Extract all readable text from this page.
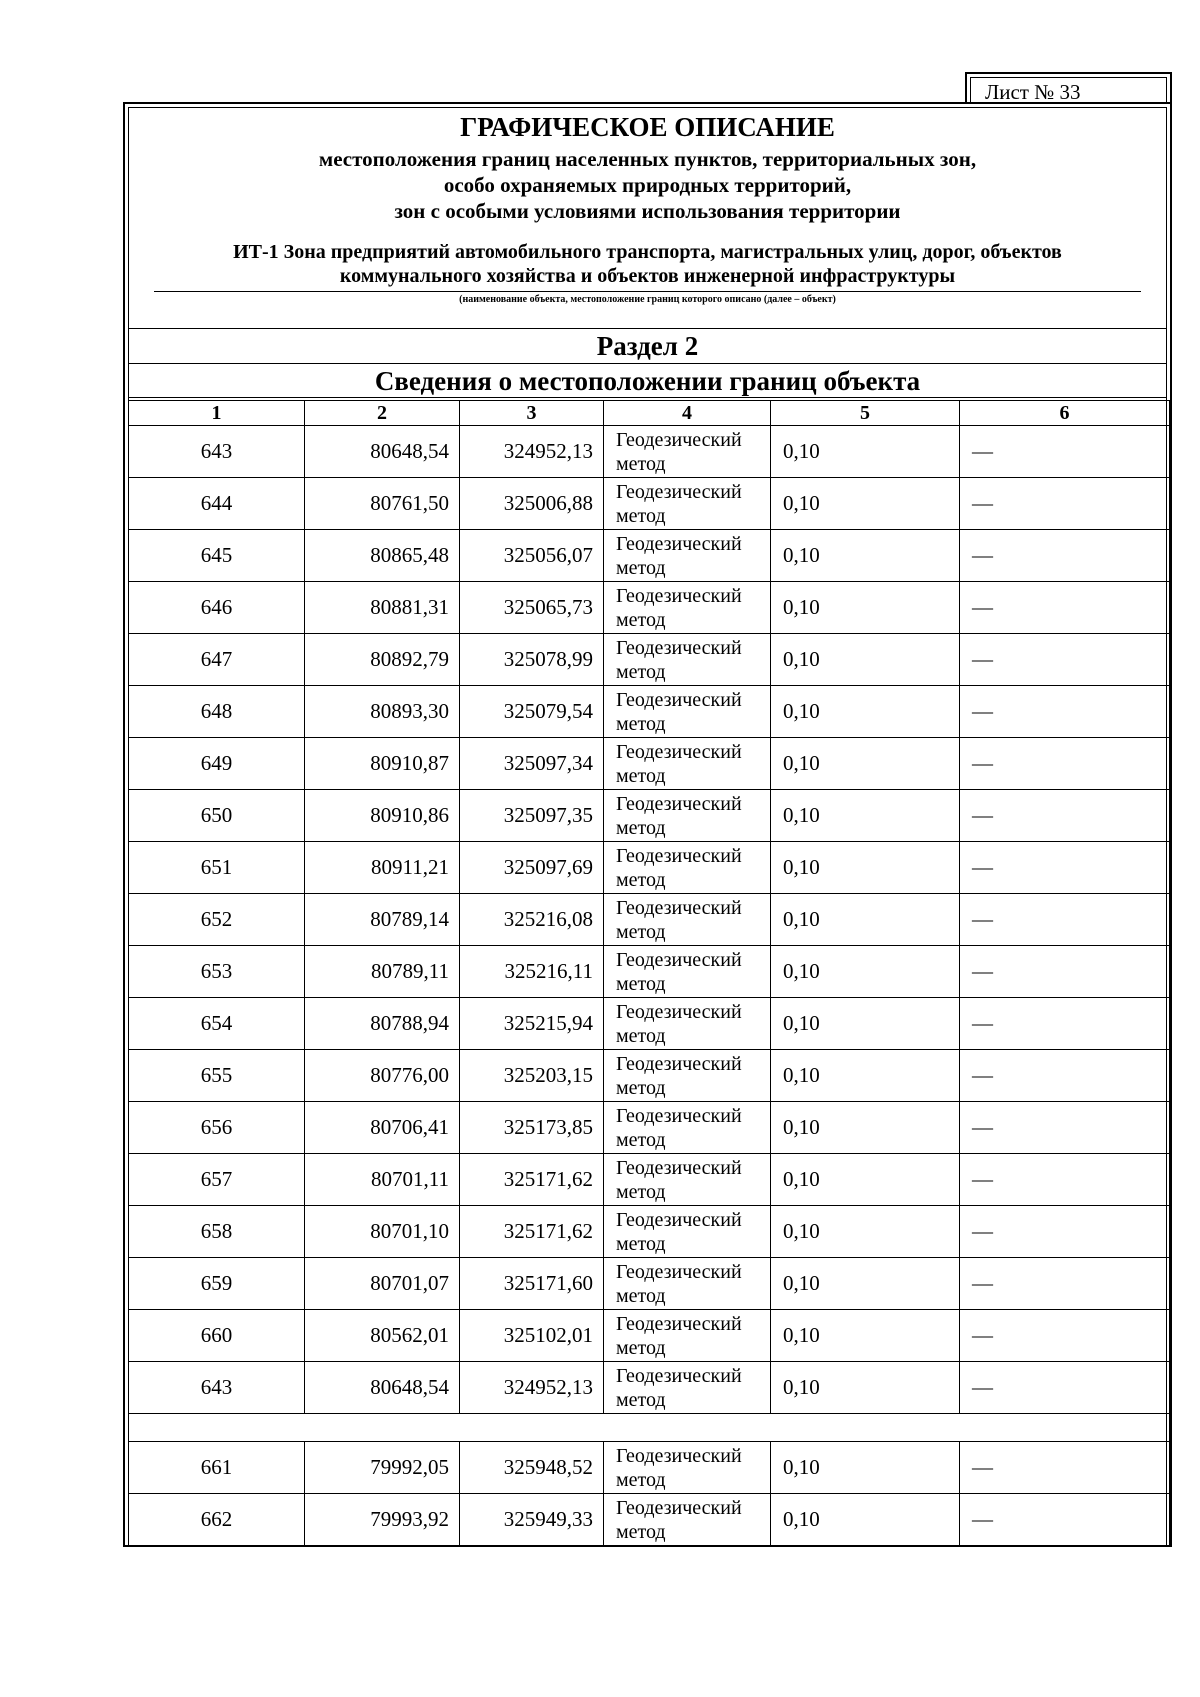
Лист № 33
ГРАФИЧЕСКОЕ ОПИСАНИЕ
местоположения границ населенных пунктов, территориальных зон,
особо охраняемых природных территорий,
зон с особыми условиями использования территории
ИТ-1 Зона предприятий автомобильного транспорта, магистральных улиц, дорог, объектов
коммунального хозяйства и объектов инженерной инфраструктуры
(наименование объекта, местоположение границ которого описано (далее – объект)
Раздел 2
Сведения о местоположении границ объекта
1	2	3	4	5	6
643	80648,54	324952,13	Геодезический метод	0,10	—
644	80761,50	325006,88	Геодезический метод	0,10	—
645	80865,48	325056,07	Геодезический метод	0,10	—
646	80881,31	325065,73	Геодезический метод	0,10	—
647	80892,79	325078,99	Геодезический метод	0,10	—
648	80893,30	325079,54	Геодезический метод	0,10	—
649	80910,87	325097,34	Геодезический метод	0,10	—
650	80910,86	325097,35	Геодезический метод	0,10	—
651	80911,21	325097,69	Геодезический метод	0,10	—
652	80789,14	325216,08	Геодезический метод	0,10	—
653	80789,11	325216,11	Геодезический метод	0,10	—
654	80788,94	325215,94	Геодезический метод	0,10	—
655	80776,00	325203,15	Геодезический метод	0,10	—
656	80706,41	325173,85	Геодезический метод	0,10	—
657	80701,11	325171,62	Геодезический метод	0,10	—
658	80701,10	325171,62	Геодезический метод	0,10	—
659	80701,07	325171,60	Геодезический метод	0,10	—
660	80562,01	325102,01	Геодезический метод	0,10	—
643	80648,54	324952,13	Геодезический метод	0,10	—

661	79992,05	325948,52	Геодезический метод	0,10	—
662	79993,92	325949,33	Геодезический метод	0,10	—
